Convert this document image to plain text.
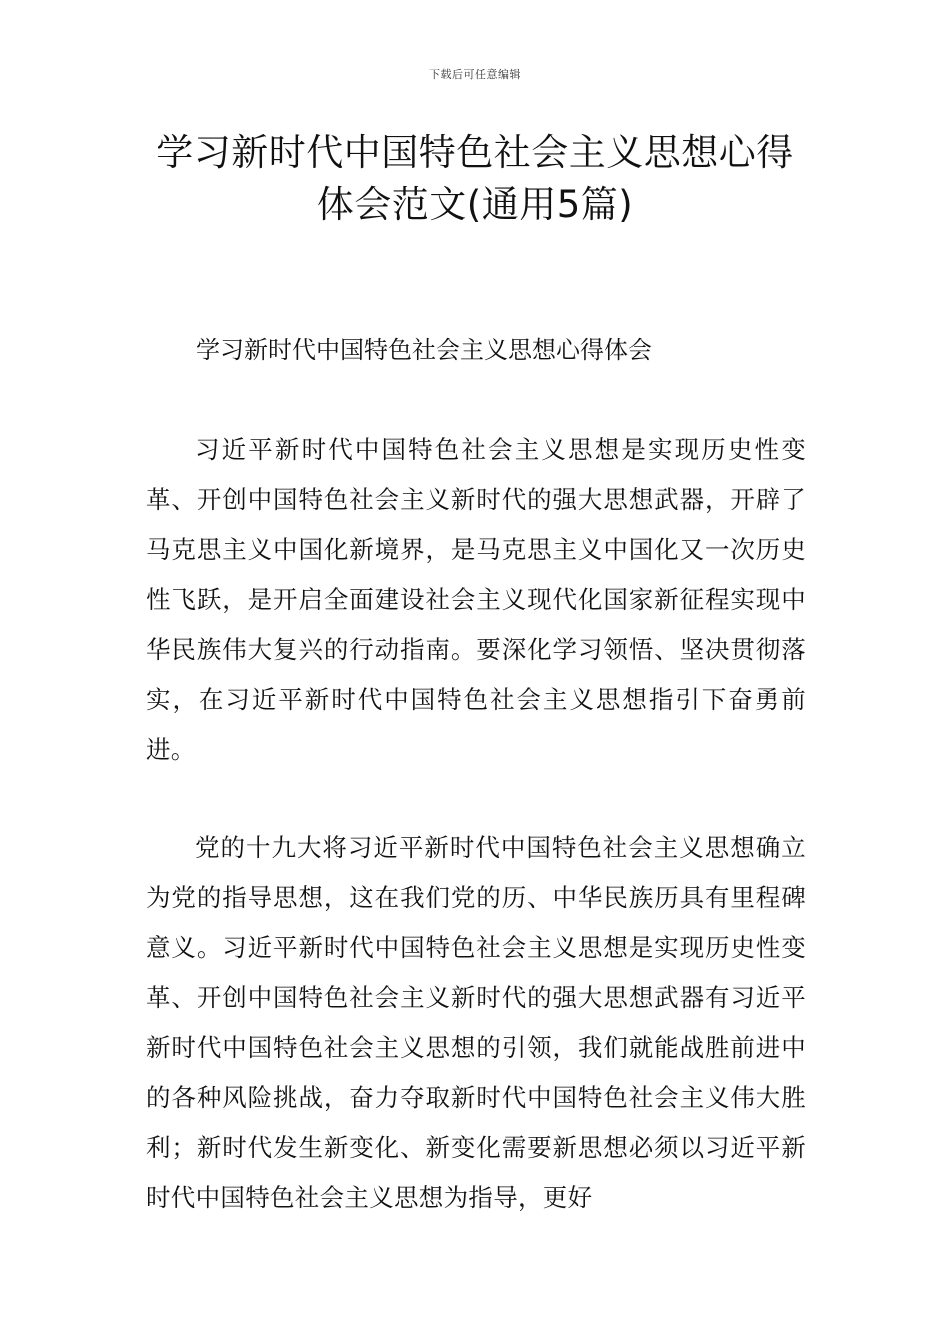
下载后可任意编辑
学习新时代中国特色社会主义思想心得体会范文(通用5篇)
学习新时代中国特色社会主义思想心得体会

习近平新时代中国特色社会主义思想是实现历史性变革、开创中国特色社会主义新时代的强大思想武器，开辟了马克思主义中国化新境界，是马克思主义中国化又一次历史性飞跃，是开启全面建设社会主义现代化国家新征程实现中华民族伟大复兴的行动指南。要深化学习领悟、坚决贯彻落实，在习近平新时代中国特色社会主义思想指引下奋勇前进。

党的十九大将习近平新时代中国特色社会主义思想确立为党的指导思想，这在我们党的历、中华民族历具有里程碑意义。习近平新时代中国特色社会主义思想是实现历史性变革、开创中国特色社会主义新时代的强大思想武器有习近平新时代中国特色社会主义思想的引领，我们就能战胜前进中的各种风险挑战，奋力夺取新时代中国特色社会主义伟大胜利；新时代发生新变化、新变化需要新思想必须以习近平新时代中国特色社会主义思想为指导，更好
